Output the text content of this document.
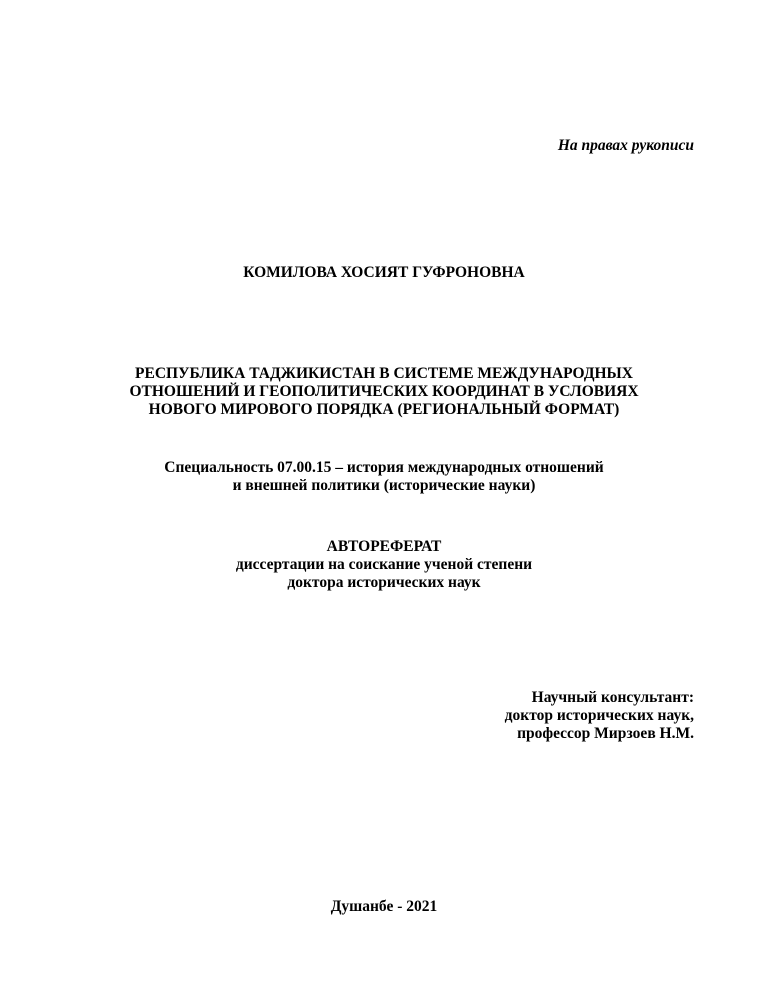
На правах рукописи
КОМИЛОВА ХОСИЯТ ГУФРОНОВНА
РЕСПУБЛИКА ТАДЖИКИСТАН В СИСТЕМЕ МЕЖДУНАРОДНЫХ
ОТНОШЕНИЙ И ГЕОПОЛИТИЧЕСКИХ КООРДИНАТ В УСЛОВИЯХ
НОВОГО МИРОВОГО ПОРЯДКА (РЕГИОНАЛЬНЫЙ ФОРМАТ)
Специальность 07.00.15 – история международных отношений
и внешней политики (исторические науки)
АВТОРЕФЕРАТ
диссертации на соискание ученой степени
доктора исторических наук
Научный консультант:
доктор исторических наук,
профессор Мирзоев Н.М.
Душанбе - 2021
